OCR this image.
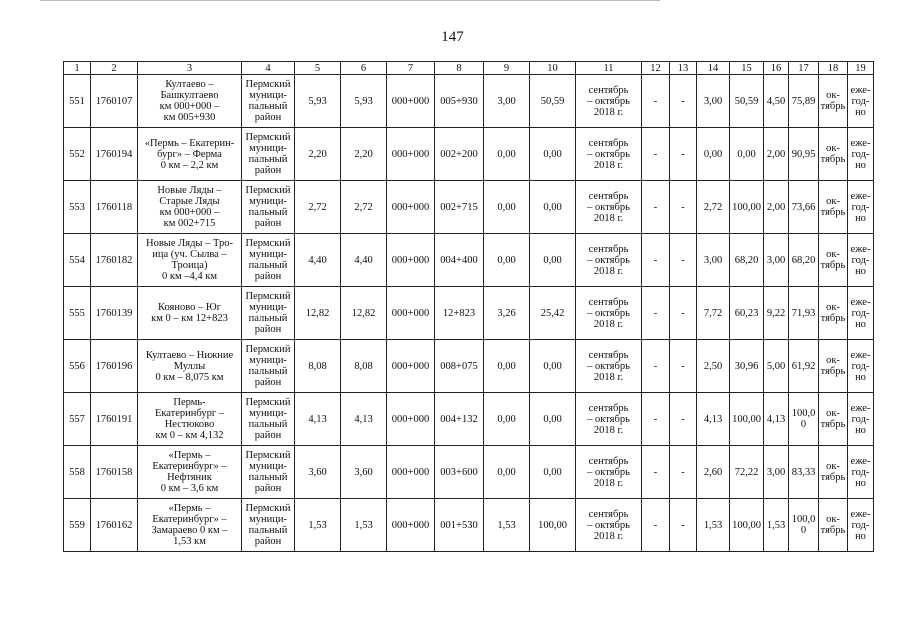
147
1	2	3	4	5	6	7	8	9	10	11	12	13	14	15	16	17	18	19
551	1760107	Култаево –
Башкултаево
км 000+000 –
км 005+930	Пермский
муници-
пальный
район	5,93	5,93	000+000	005+930	3,00	50,59	сентябрь
– октябрь
2018 г.	-	-	3,00	50,59	4,50	75,89	ок-
тябрь	еже-
год-
но
552	1760194	«Пермь – Екатерин-
бург» – Ферма
0 км – 2,2 км	Пермский
муници-
пальный
район	2,20	2,20	000+000	002+200	0,00	0,00	сентябрь
– октябрь
2018 г.	-	-	0,00	0,00	2,00	90,95	ок-
тябрь	еже-
год-
но
553	1760118	Новые Ляды –
Старые Ляды
км 000+000 –
км 002+715	Пермский
муници-
пальный
район	2,72	2,72	000+000	002+715	0,00	0,00	сентябрь
– октябрь
2018 г.	-	-	2,72	100,00	2,00	73,66	ок-
тябрь	еже-
год-
но
554	1760182	Новые Ляды – Тро-
ица (уч. Сылва –
Троица)
0 км –4,4 км	Пермский
муници-
пальный
район	4,40	4,40	000+000	004+400	0,00	0,00	сентябрь
– октябрь
2018 г.	-	-	3,00	68,20	3,00	68,20	ок-
тябрь	еже-
год-
но
555	1760139	Кояново – Юг
км 0 – км 12+823	Пермский
муници-
пальный
район	12,82	12,82	000+000	12+823	3,26	25,42	сентябрь
– октябрь
2018 г.	-	-	7,72	60,23	9,22	71,93	ок-
тябрь	еже-
год-
но
556	1760196	Култаево – Нижние
Муллы
0 км – 8,075 км	Пермский
муници-
пальный
район	8,08	8,08	000+000	008+075	0,00	0,00	сентябрь
– октябрь
2018 г.	-	-	2,50	30,96	5,00	61,92	ок-
тябрь	еже-
год-
но
557	1760191	Пермь-
Екатеринбург –
Нестюково
км 0 – км 4,132	Пермский
муници-
пальный
район	4,13	4,13	000+000	004+132	0,00	0,00	сентябрь
– октябрь
2018 г.	-	-	4,13	100,00	4,13	100,0
0	ок-
тябрь	еже-
год-
но
558	1760158	«Пермь –
Екатеринбург» –
Нефтяник
0 км – 3,6 км	Пермский
муници-
пальный
район	3,60	3,60	000+000	003+600	0,00	0,00	сентябрь
– октябрь
2018 г.	-	-	2,60	72,22	3,00	83,33	ок-
тябрь	еже-
год-
но
559	1760162	«Пермь –
Екатеринбург» –
Замараево 0 км –
1,53 км	Пермский
муници-
пальный
район	1,53	1,53	000+000	001+530	1,53	100,00	сентябрь
– октябрь
2018 г.	-	-	1,53	100,00	1,53	100,0
0	ок-
тябрь	еже-
год-
но
